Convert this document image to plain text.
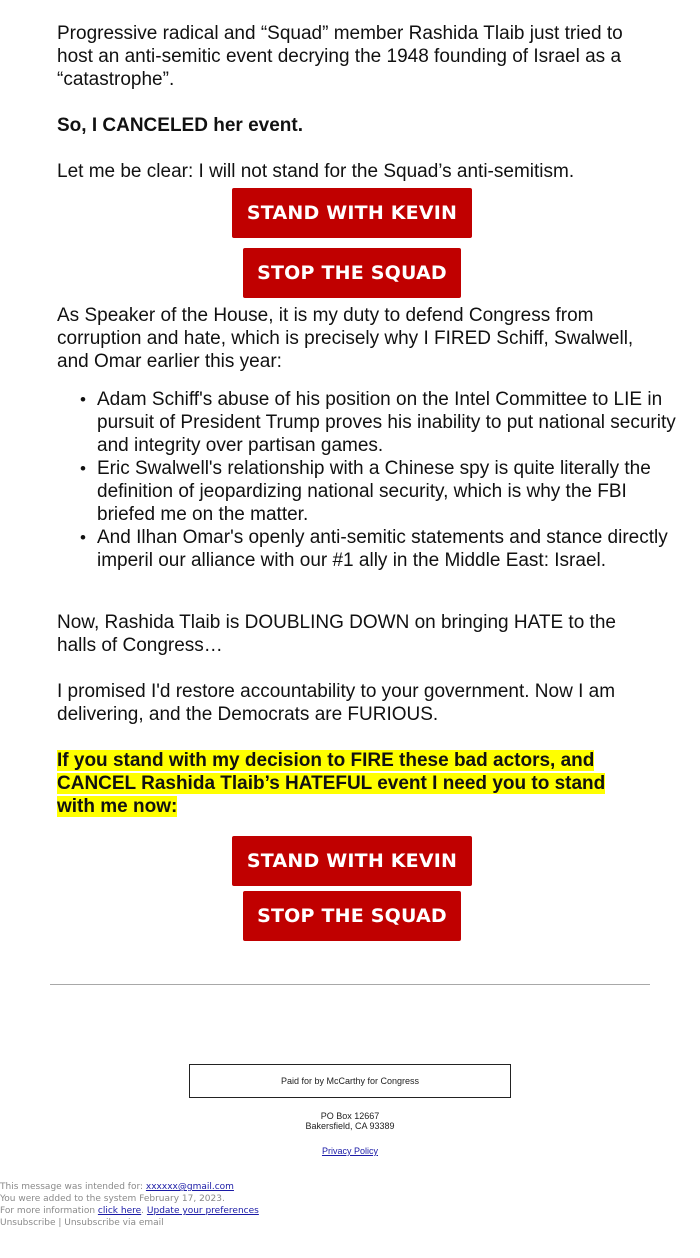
Progressive radical and “Squad” member Rashida Tlaib just tried to host an anti-semitic event decrying the 1948 founding of Israel as a “catastrophe”.

So, I CANCELED her event.

Let me be clear: I will not stand for the Squad’s anti-semitism.

STAND WITH KEVIN
STOP THE SQUAD

As Speaker of the House, it is my duty to defend Congress from corruption and hate, which is precisely why I FIRED Schiff, Swalwell, and Omar earlier this year:

• Adam Schiff's abuse of his position on the Intel Committee to LIE in pursuit of President Trump proves his inability to put national security and integrity over partisan games.
• Eric Swalwell's relationship with a Chinese spy is quite literally the definition of jeopardizing national security, which is why the FBI briefed me on the matter.
• And Ilhan Omar's openly anti-semitic statements and stance directly imperil our alliance with our #1 ally in the Middle East: Israel.

Now, Rashida Tlaib is DOUBLING DOWN on bringing HATE to the halls of Congress…

I promised I'd restore accountability to your government. Now I am delivering, and the Democrats are FURIOUS.

If you stand with my decision to FIRE these bad actors, and CANCEL Rashida Tlaib’s HATEFUL event I need you to stand with me now:

STAND WITH KEVIN
STOP THE SQUAD
Paid for by McCarthy for Congress
PO Box 12667
Bakersfield, CA 93389
Privacy Policy
This message was intended for: xxxxxx@gmail.com
You were added to the system February 17, 2023.
For more information click here. Update your preferences
Unsubscribe | Unsubscribe via email
